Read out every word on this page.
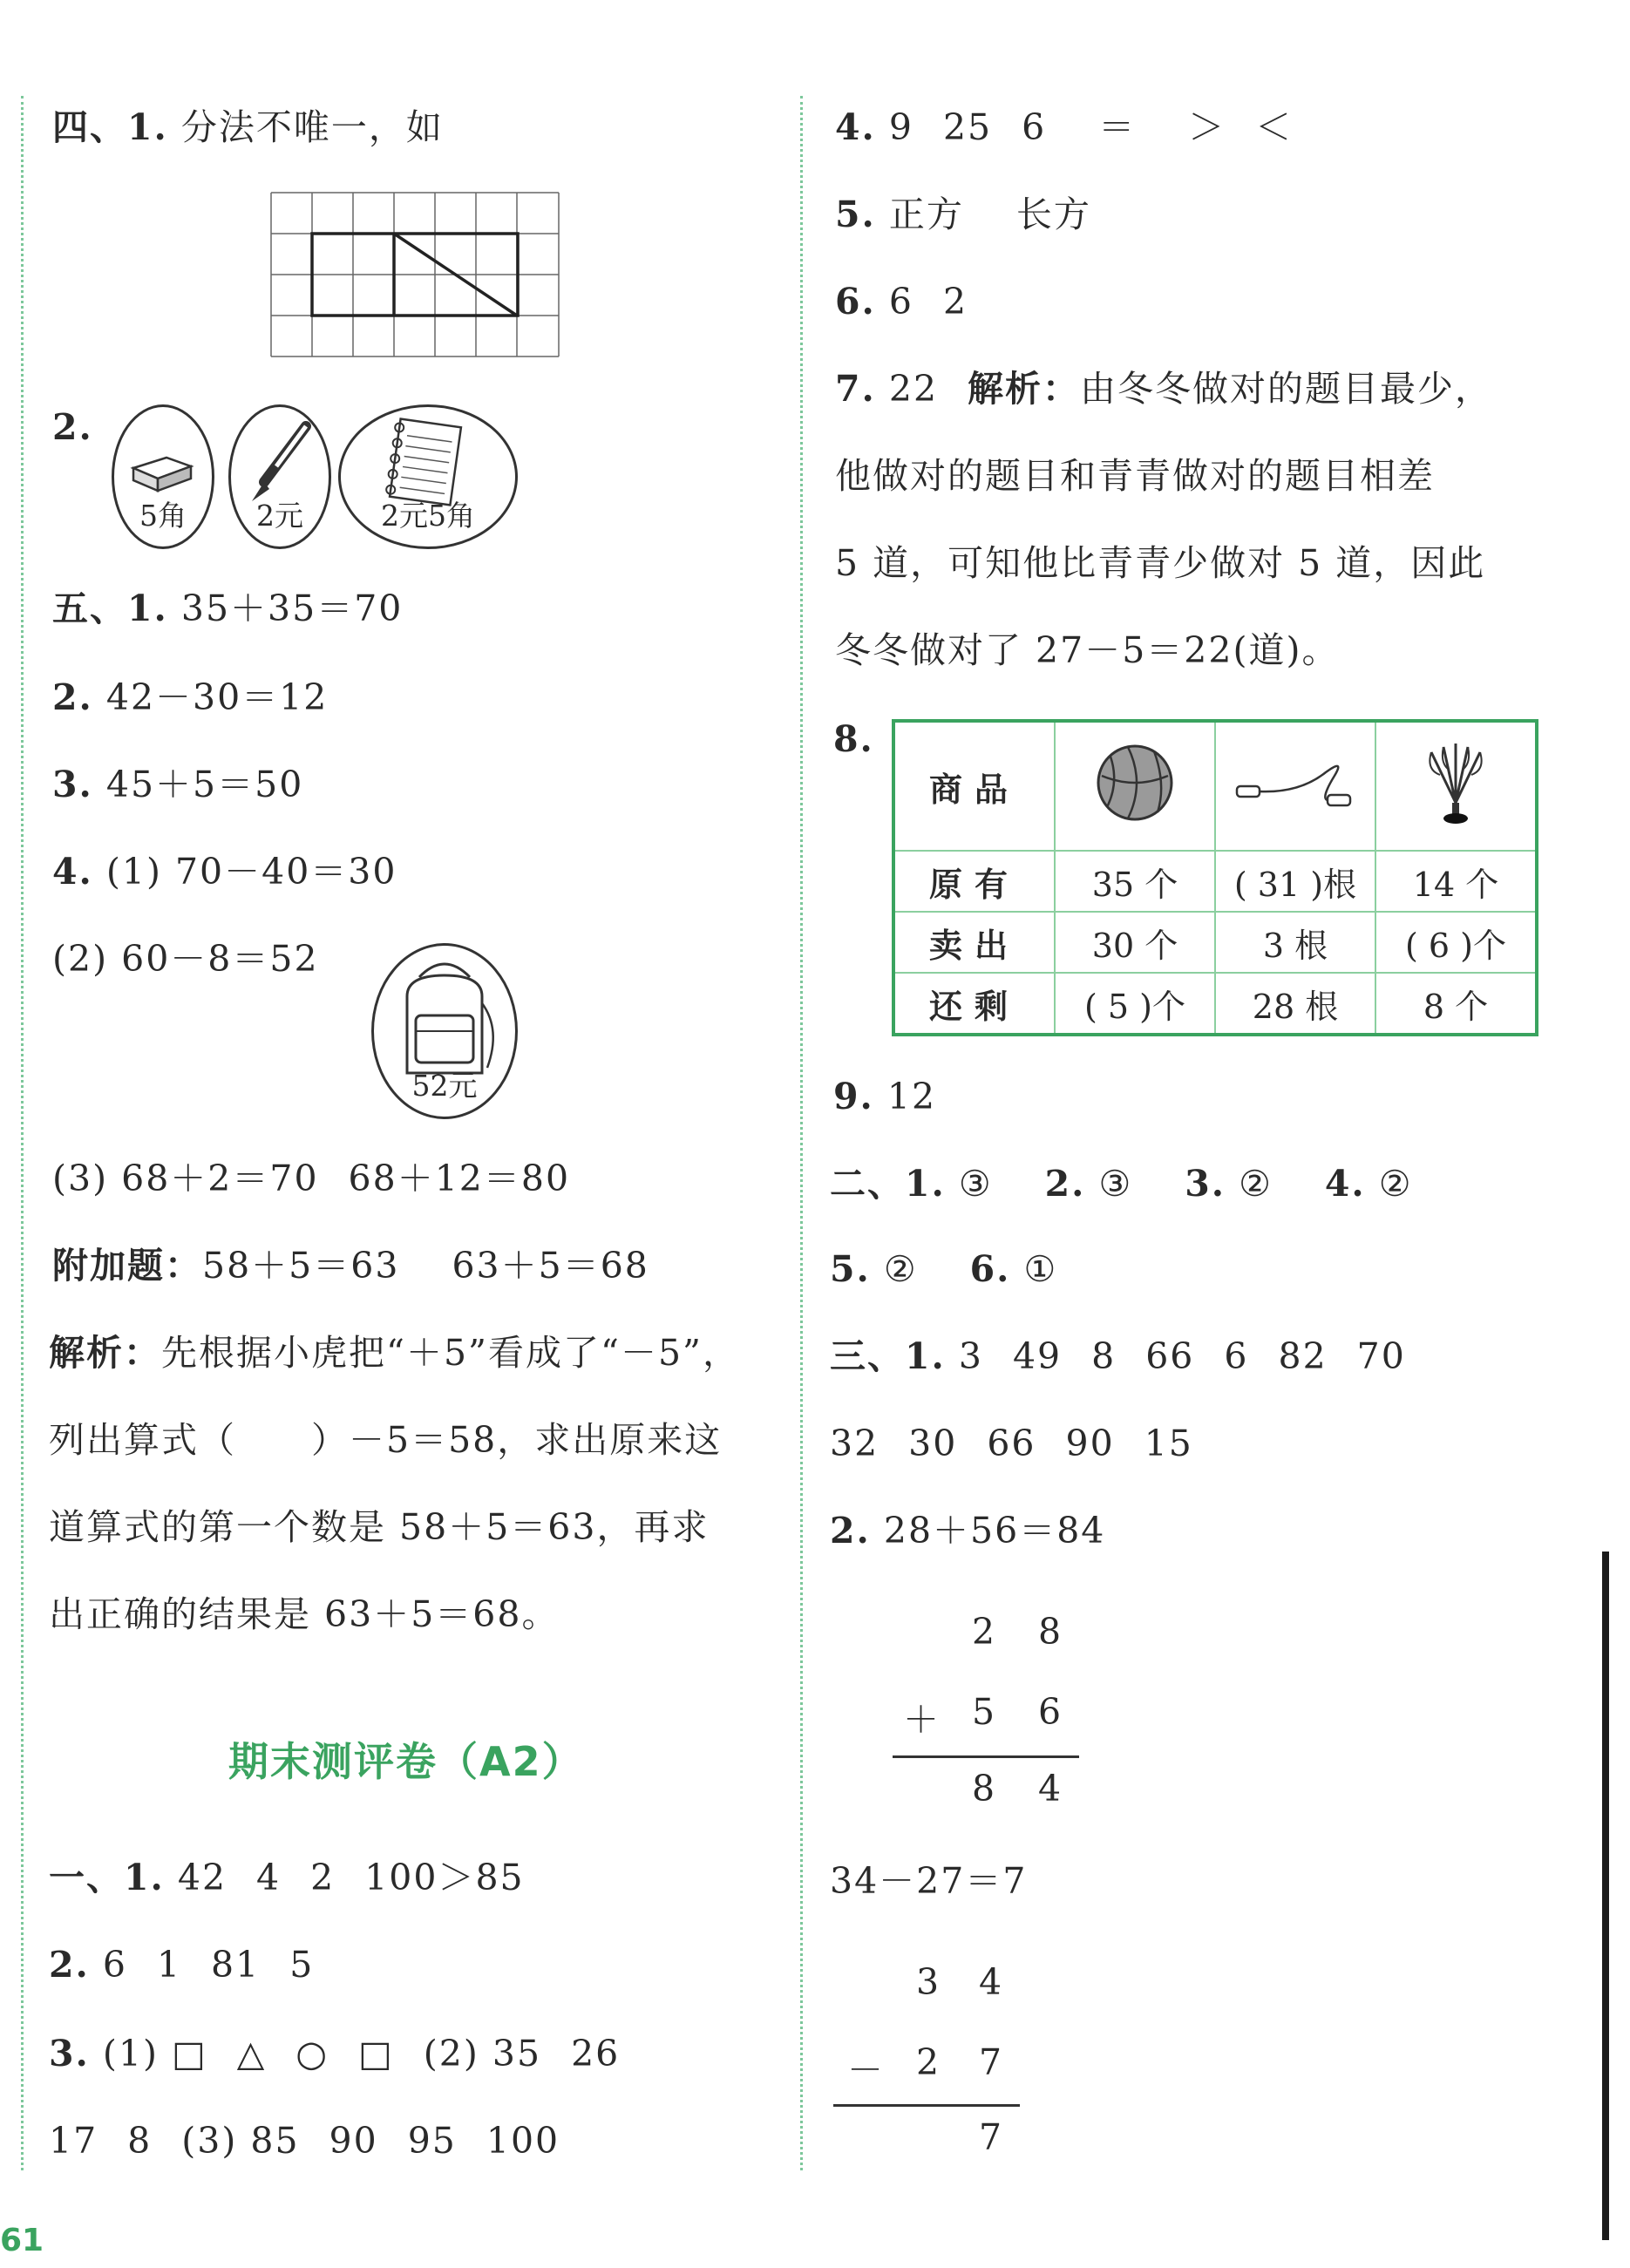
四、1. 分法不唯一，如
2.
5角	2元	2元5角
五、1. 35＋35＝70
2. 42－30＝12
3. 45＋5＝50
4. (1) 70－40＝30
(2) 60－8＝52
52元
(3) 68＋2＝70 68＋12＝80
附加题：58＋5＝63 63＋5＝68
解析：先根据小虎把“＋5”看成了“－5”，
列出算式（　　）－5＝58，求出原来这
道算式的第一个数是 58＋5＝63，再求
出正确的结果是 63＋5＝68。
期末测评卷（A2）
一、1. 42 4 2 100＞85
2. 6 1 81 5
3. (1) □ △ ○ □ (2) 35 26
17 8 (3) 85 90 95 100
61
4. 9 25 6 ＝ ＞ ＜
5. 正方 长方
6. 6 2
7. 22 解析：由冬冬做对的题目最少，
他做对的题目和青青做对的题目相差
5 道，可知他比青青少做对 5 道，因此
冬冬做对了 27－5＝22(道)。
8.
商品			
原有	35 个	( 31 )根	14 个
卖出	30 个	3 根	( 6 )个
还剩	( 5 )个	28 根	8 个
9. 12
二、1. ③ 2. ③ 3. ② 4. ②
5. ② 6. ①
三、1. 3 49 8 66 6 82 70
32 30 66 90 15
2. 28＋56＝84
2 8
＋ 5 6
8 4
34－27＝7
3 4
－ 2 7
7
